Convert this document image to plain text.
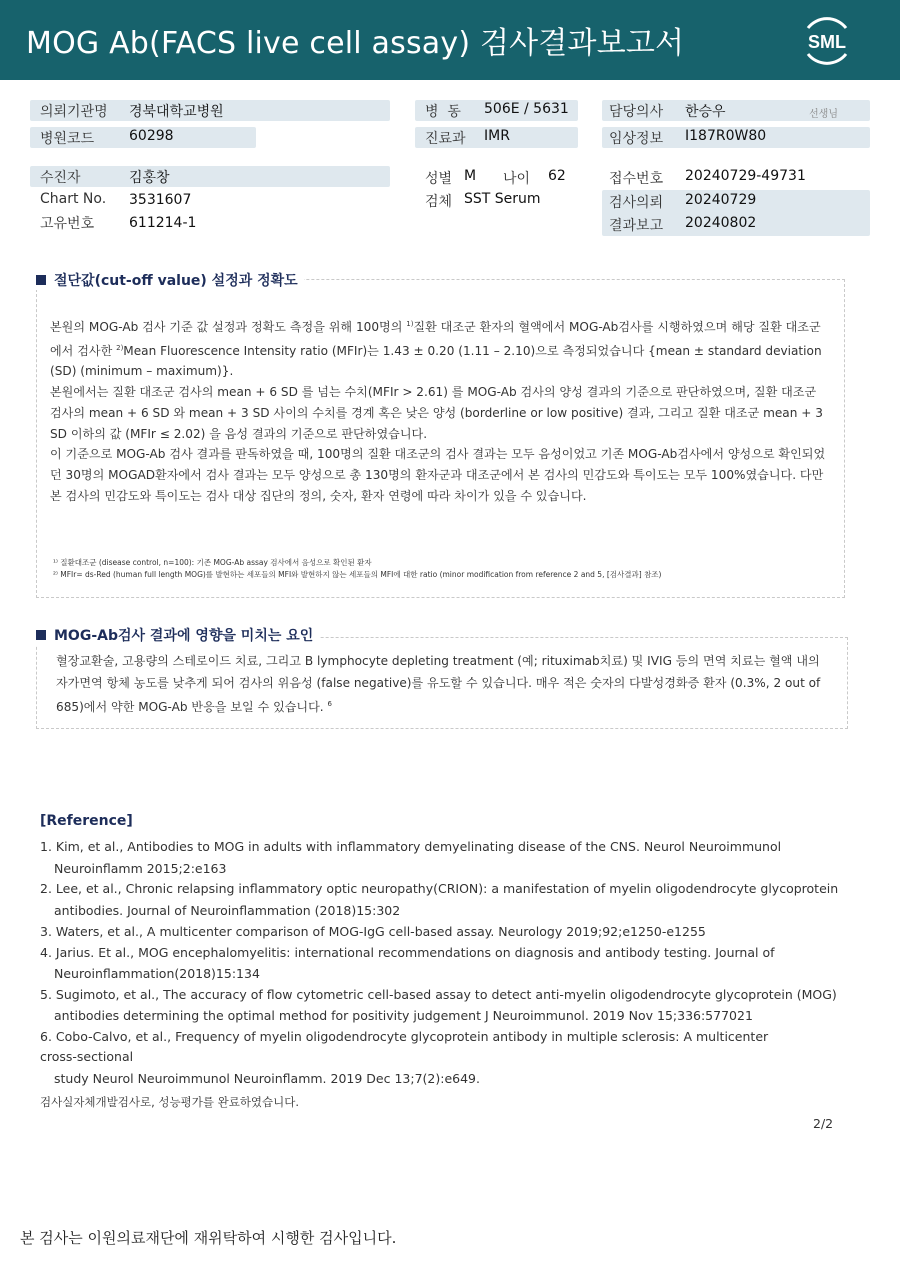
MOG Ab(FACS live cell assay) 검사결과보고서	SML
의뢰기관명 경북대학교병원
병원코드 60298
병  동 506E / 5631
진료과 IMR
담당의사 한승우	선생님
임상정보 I187R0W80
수진자	김홍창
Chart No. 3531607
고유번호 611214-1
성별 M 나이 62
검체 SST Serum
접수번호 20240729-49731
검사의뢰 20240729
결과보고 20240802
절단값(cut-off value) 설정과 정확도

본원의 MOG-Ab 검사 기준 값 설정과 정확도 측정을 위해 100명의 $^{1)}$질환 대조군 환자의 혈액에서 MOG-Ab검사를 시행하였으며 해당 질환 대조군에서 검사한 $^{2)}$Mean Fluorescence Intensity ratio (MFIr)는 1.43 ± 0.20 (1.11 – 2.10)으로 측정되었습니다 {mean ± standard deviation (SD) (minimum – maximum)}.

본원에서는 질환 대조군 검사의 mean + 6 SD 를 넘는 수치(MFIr > 2.61) 를 MOG-Ab 검사의 양성 결과의 기준으로 판단하였으며, 질환 대조군 검사의 mean + 6 SD 와 mean + 3 SD 사이의 수치를 경계 혹은 낮은 양성 (borderline or low positive) 결과, 그리고 질환 대조군 mean + 3 SD 이하의 값 (MFIr ≤ 2.02) 을 음성 결과의 기준으로 판단하였습니다.

이 기준으로 MOG-Ab 검사 결과를 판독하였을 때, 100명의 질환 대조군의 검사 결과는 모두 음성이었고 기존 MOG-Ab검사에서 양성으로 확인되었던 30명의 MOGAD환자에서 검사 결과는 모두 양성으로 총 130명의 환자군과 대조군에서 본 검사의 민감도와 특이도는 모두 100%였습니다. 다만 본 검사의 민감도와 특이도는 검사 대상 집단의 정의, 숫자, 환자 연령에 따라 차이가 있을 수 있습니다.

¹⁾ 질환대조군 (disease control, n=100): 기존 MOG-Ab assay 검사에서 음성으로 확인된 환자
²⁾ MFIr= ds-Red (human full length MOG)를 발현하는 세포들의 MFI와 발현하지 않는 세포들의 MFI에 대한 ratio (minor modification from reference 2 and 5, [검사결과] 참조)
MOG-Ab검사 결과에 영향을 미치는 요인
혈장교환술, 고용량의 스테로이드 치료, 그리고 B lymphocyte depleting treatment (예; rituximab치료) 및 IVIG 등의 면역 치료는 혈액 내의 자가면역 항체 농도를 낮추게 되어 검사의 위음성 (false negative)를 유도할 수 있습니다. 매우 적은 숫자의 다발성경화증 환자 (0.3%, 2 out of 685)에서 약한 MOG-Ab 반응을 보일 수 있습니다. $^6$
[Reference]
1. Kim, et al., Antibodies to MOG in adults with inflammatory demyelinating disease of the CNS. Neurol Neuroimmunol
Neuroinflamm 2015;2:e163
2. Lee, et al., Chronic relapsing inflammatory optic neuropathy(CRION): a manifestation of myelin oligodendrocyte glycoprotein
antibodies. Journal of Neuroinflammation (2018)15:302
3. Waters, et al., A multicenter comparison of MOG-IgG cell-based assay. Neurology 2019;92;e1250-e1255
4. Jarius. Et al., MOG encephalomyelitis: international recommendations on diagnosis and antibody testing. Journal of
Neuroinflammation(2018)15:134
5. Sugimoto, et al., The accuracy of flow cytometric cell-based assay to detect anti-myelin oligodendrocyte glycoprotein (MOG)
antibodies determining the optimal method for positivity judgement J Neuroimmunol. 2019 Nov 15;336:577021
6. Cobo-Calvo, et al., Frequency of myelin oligodendrocyte glycoprotein antibody in multiple sclerosis: A multicenter
cross-sectional
study Neurol Neuroimmunol Neuroinflamm. 2019 Dec 13;7(2):e649.
검사실자체개발검사로, 성능평가를 완료하였습니다.
2/2
본 검사는 이원의료재단에 재위탁하여 시행한 검사입니다.
